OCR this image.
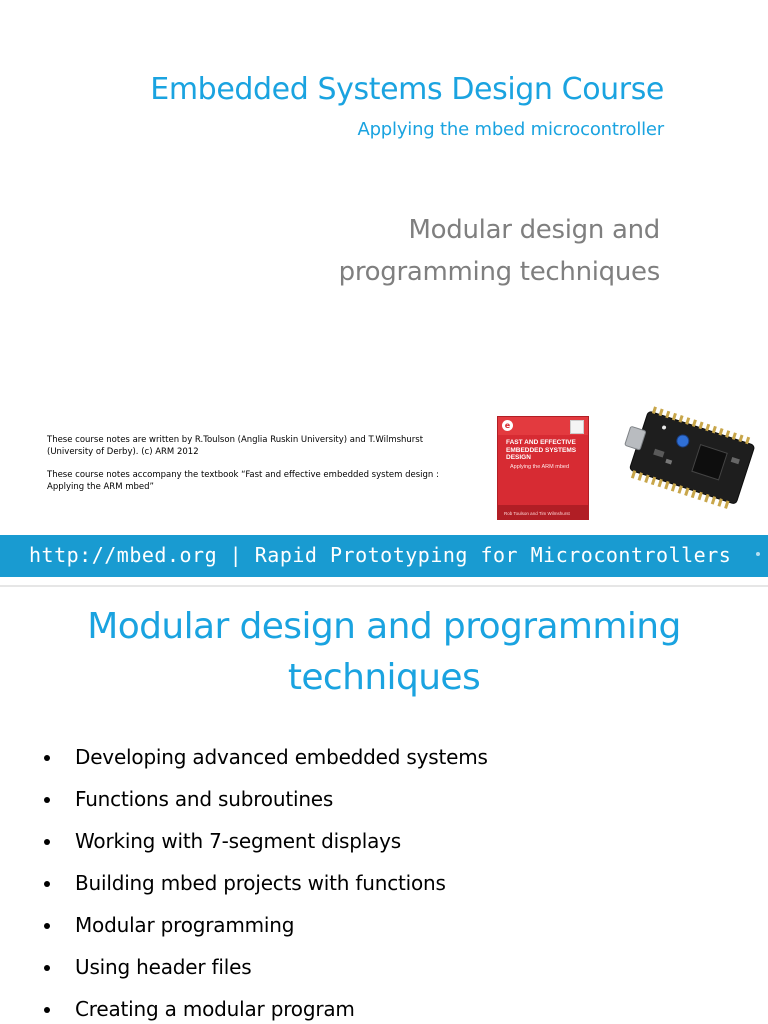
Embedded Systems Design Course
Applying the mbed microcontroller
Modular design and
programming techniques

These course notes are written by R.Toulson (Anglia Ruskin University) and T.Wilmshurst (University of Derby). (c) ARM 2012

These course notes accompany the textbook “Fast and effective embedded system design : Applying the ARM mbed”

e
FAST AND EFFECTIVE EMBEDDED SYSTEMS DESIGN
Applying the ARM mbed
Rob Toulson and Tim Wilmshurst
http://mbed.org | Rapid Prototyping for Microcontrollers
Modular design and programming techniques
Developing advanced embedded systems
Functions and subroutines
Working with 7-segment displays
Building mbed projects with functions
Modular programming
Using header files
Creating a modular program
